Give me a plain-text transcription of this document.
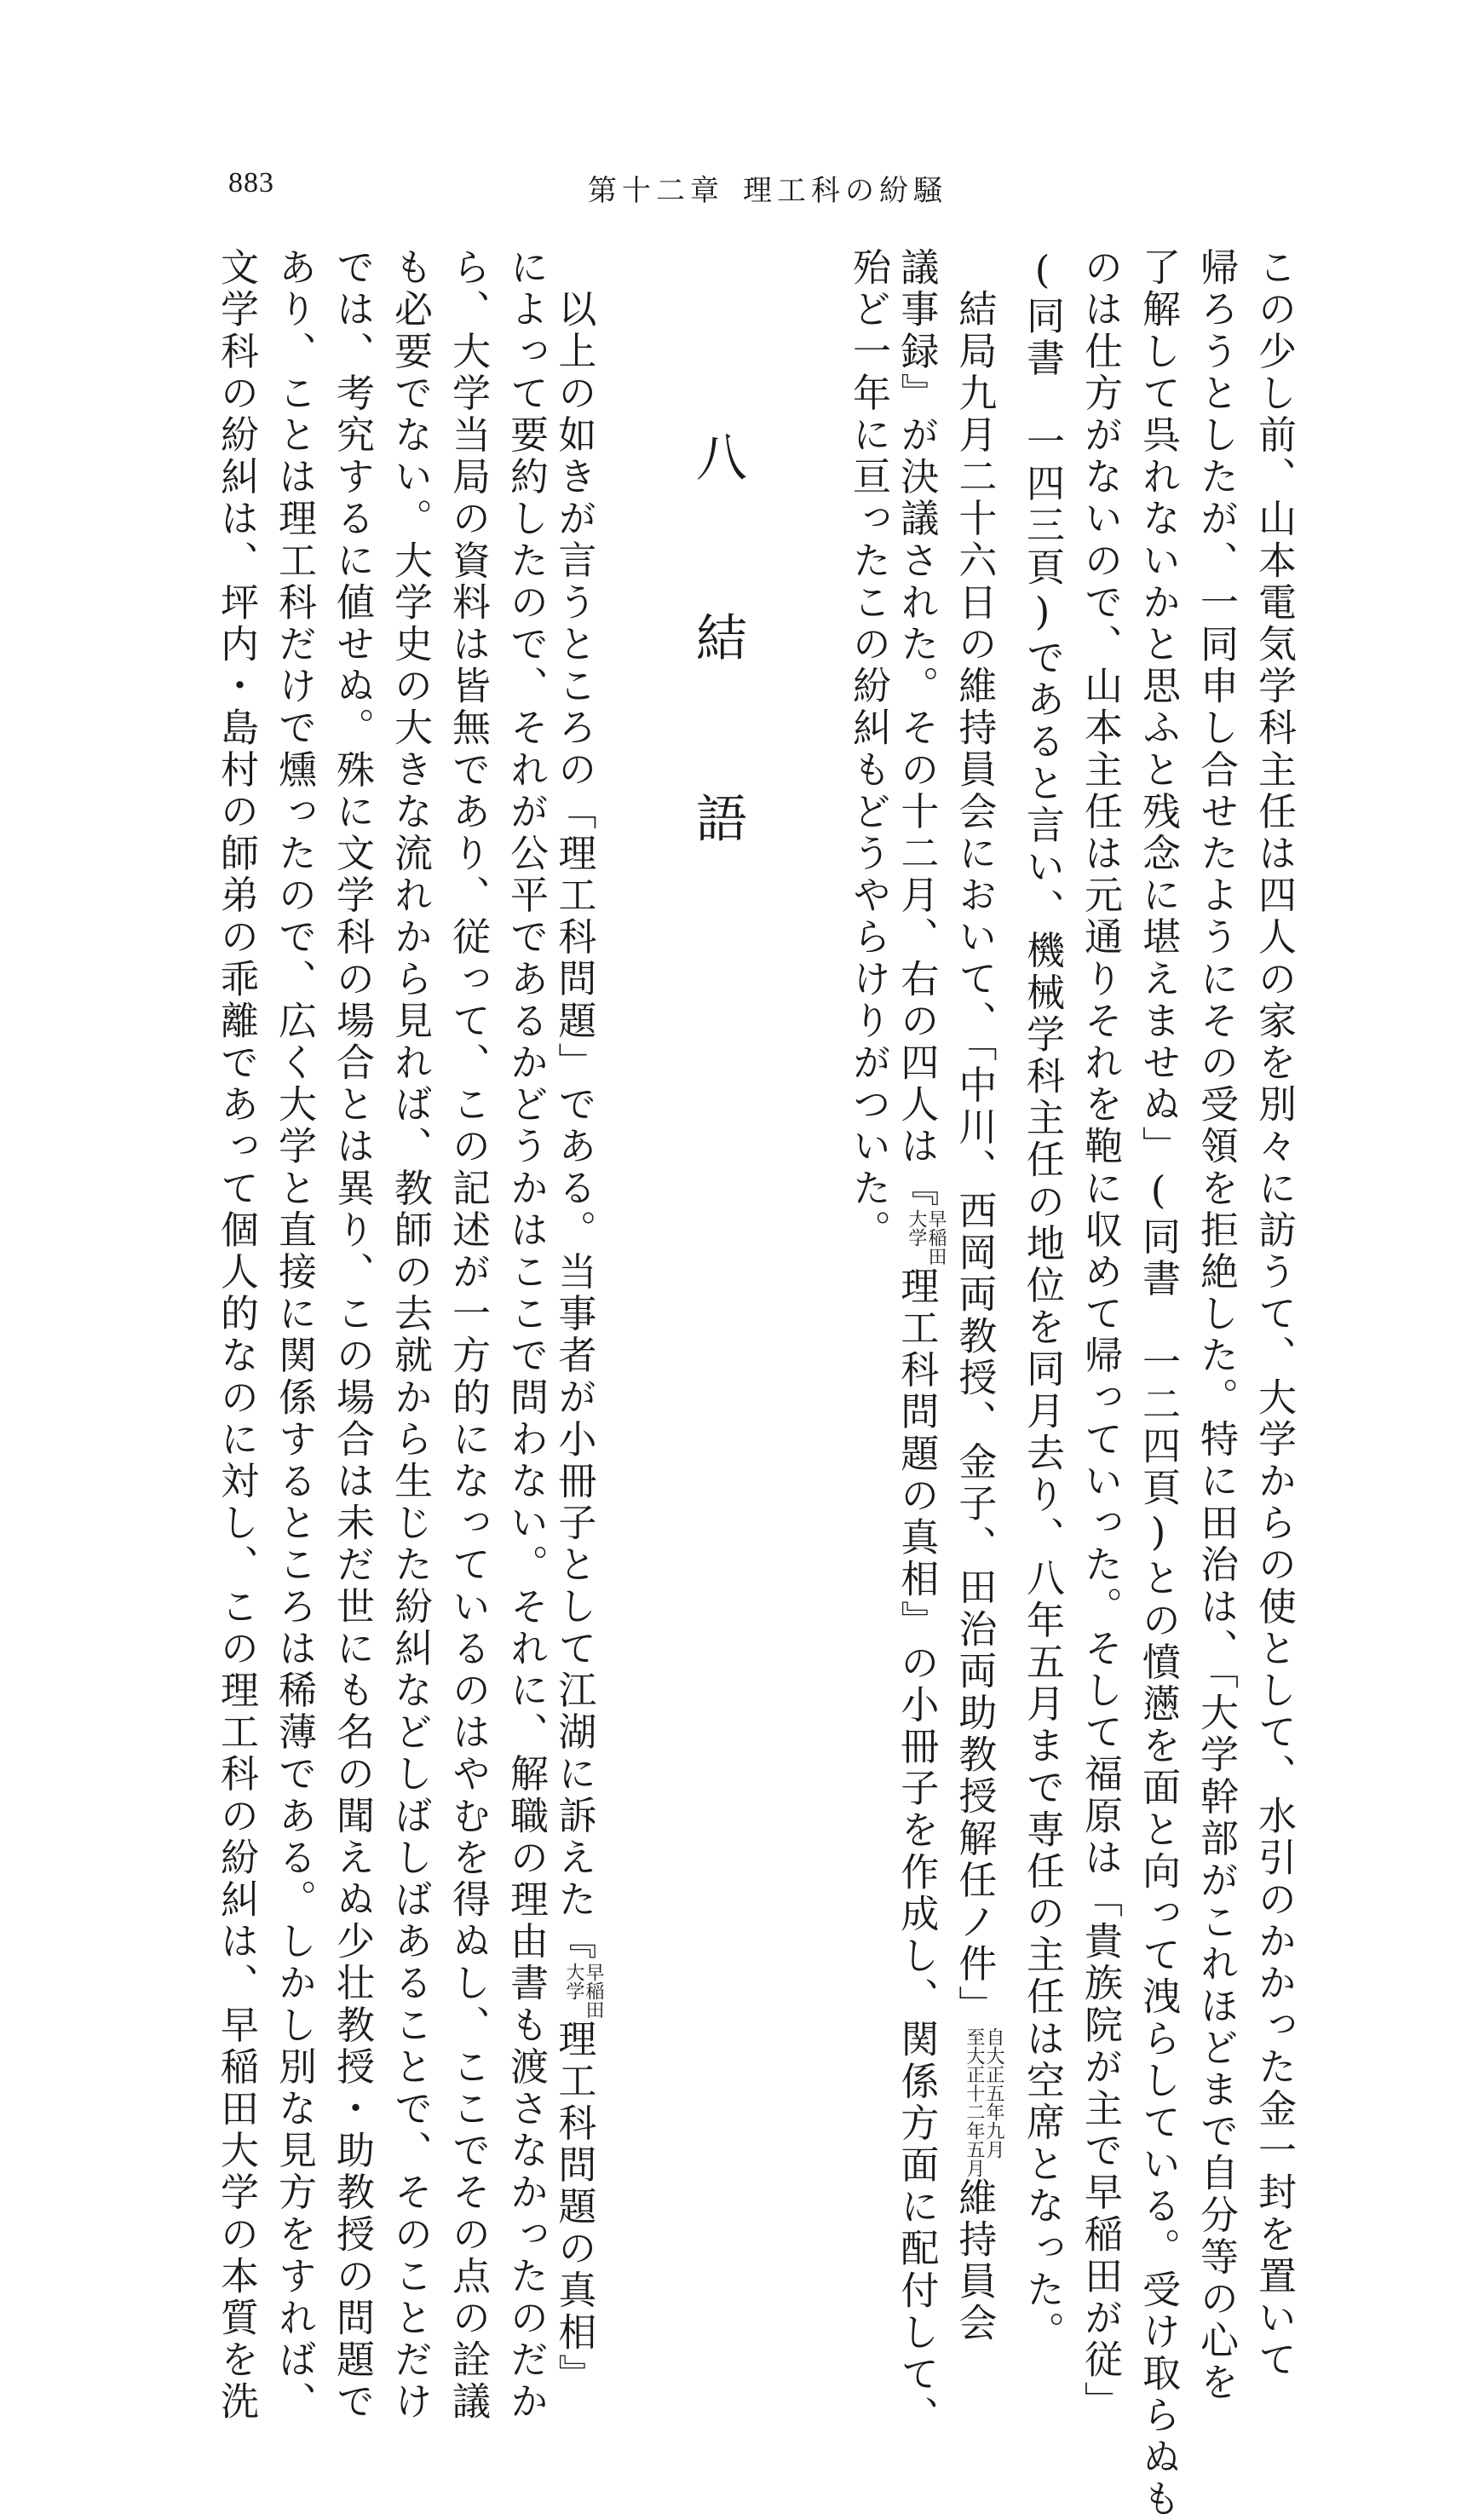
883	第十二章 理工科の紛騒
八　結　語	この少し前、山本電気学科主任は四人の家を別々に訪うて、大学からの使として、水引のかかった金一封を置いて
帰ろうとしたが、一同申し合せたようにその受領を拒絶した。特に田治は、「大学幹部がこれほどまで自分等の心を
了解して呉れないかと思ふと残念に堪えませぬ」(同書　一二四頁)との憤懣を面と向って洩らしている。受け取らぬも
のは仕方がないので、山本主任は元通りそれを鞄に収めて帰っていった。そして福原は「貴族院が主で早稲田が従」
(同書　一四三頁)であると言い、機械学科主任の地位を同月去り、八年五月まで専任の主任は空席となった。
結局九月二十六日の維持員会において、「中川、西岡両教授、金子、田治両助教授解任ノ件」
自大正五年九月
至大正十二年五月
維持員会
議事録』が決議された。その十二月、右の四人は『
早稲田
大学
理工科問題の真相』の小冊子を作成し、関係方面に配付して、
殆ど一年に亘ったこの紛糾もどうやらけりがついた。
以上の如きが言うところの「理工科問題」である。当事者が小冊子として江湖に訴えた『
早稲田
大学
理工科問題の真相』
によって要約したので、それが公平であるかどうかはここで問わない。それに、解職の理由書も渡さなかったのだか
ら、大学当局の資料は皆無であり、従って、この記述が一方的になっているのはやむを得ぬし、ここでその点の詮議
も必要でない。大学史の大きな流れから見れば、教師の去就から生じた紛糾などしばしばあることで、そのことだけ
では、考究するに値せぬ。殊に文学科の場合とは異り、この場合は未だ世にも名の聞えぬ少壮教授・助教授の問題で
あり、ことは理工科だけで燻ったので、広く大学と直接に関係するところは稀薄である。しかし別な見方をすれば、
文学科の紛糾は、坪内・島村の師弟の乖離であって個人的なのに対し、この理工科の紛糾は、早稲田大学の本質を洗
